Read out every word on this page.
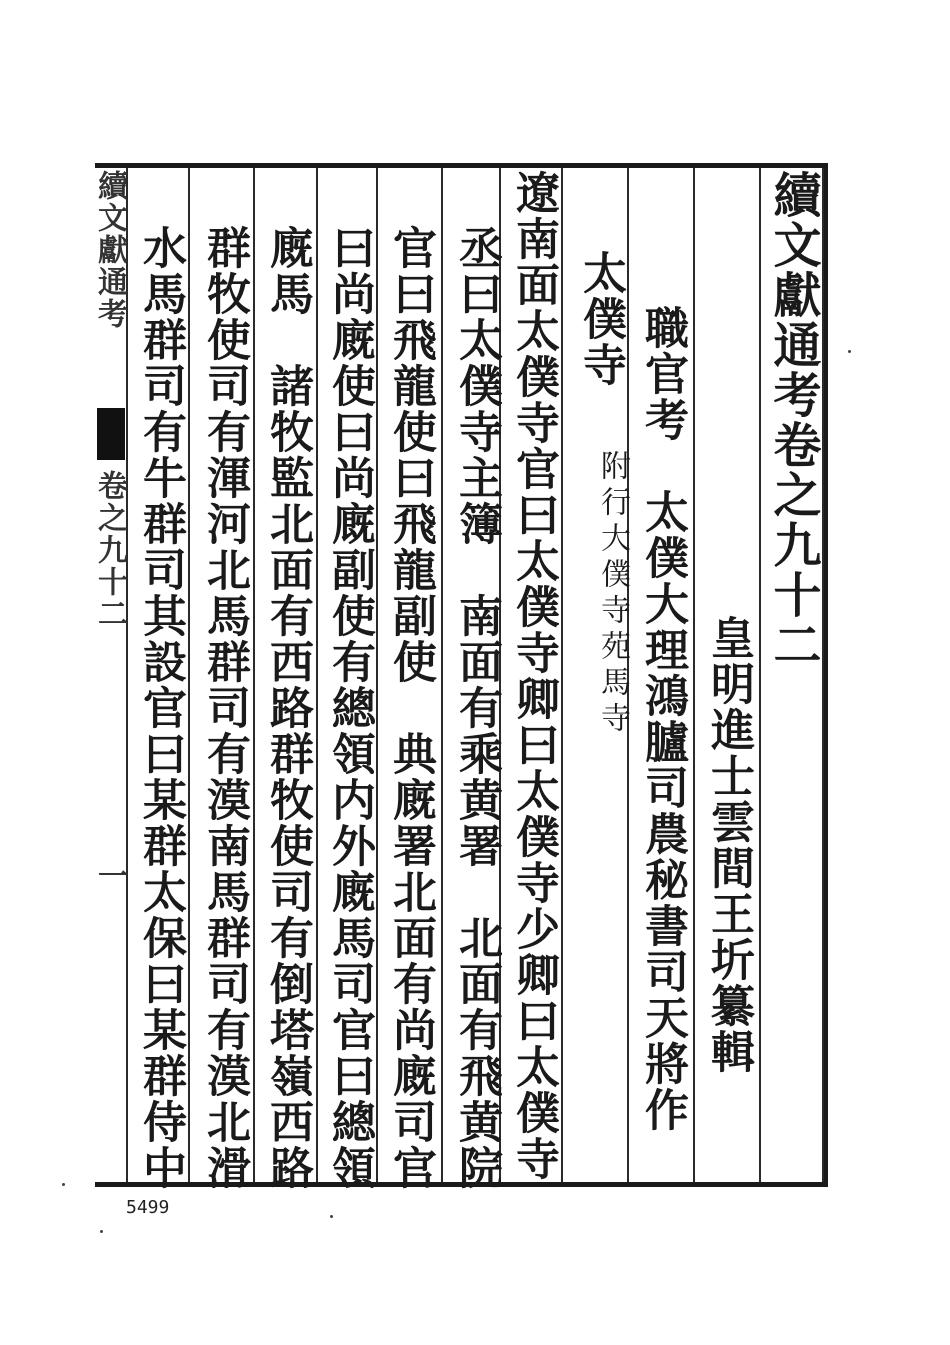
續文獻通考卷之九十二
皇明進士雲間王圻纂輯
職官考　太僕大理鴻臚司農秘書司天將作
太僕寺
附行大僕寺苑馬寺
遼南面太僕寺官曰太僕寺卿曰太僕寺少卿曰太僕寺
丞曰太僕寺主簿　南面有乘黄署　北面有飛黄院
官曰飛龍使曰飛龍副使　典廐署北面有尚廐司官
曰尚廐使曰尚廐副使有總領内外廐馬司官曰總領
廐馬　諸牧監北面有西路群牧使司有倒塔嶺西路
群牧使司有渾河北馬群司有漠南馬群司有漠北滑
水馬群司有牛群司其設官曰某群太保曰某群侍中
續文獻通考
卷之九十二
一
5499
